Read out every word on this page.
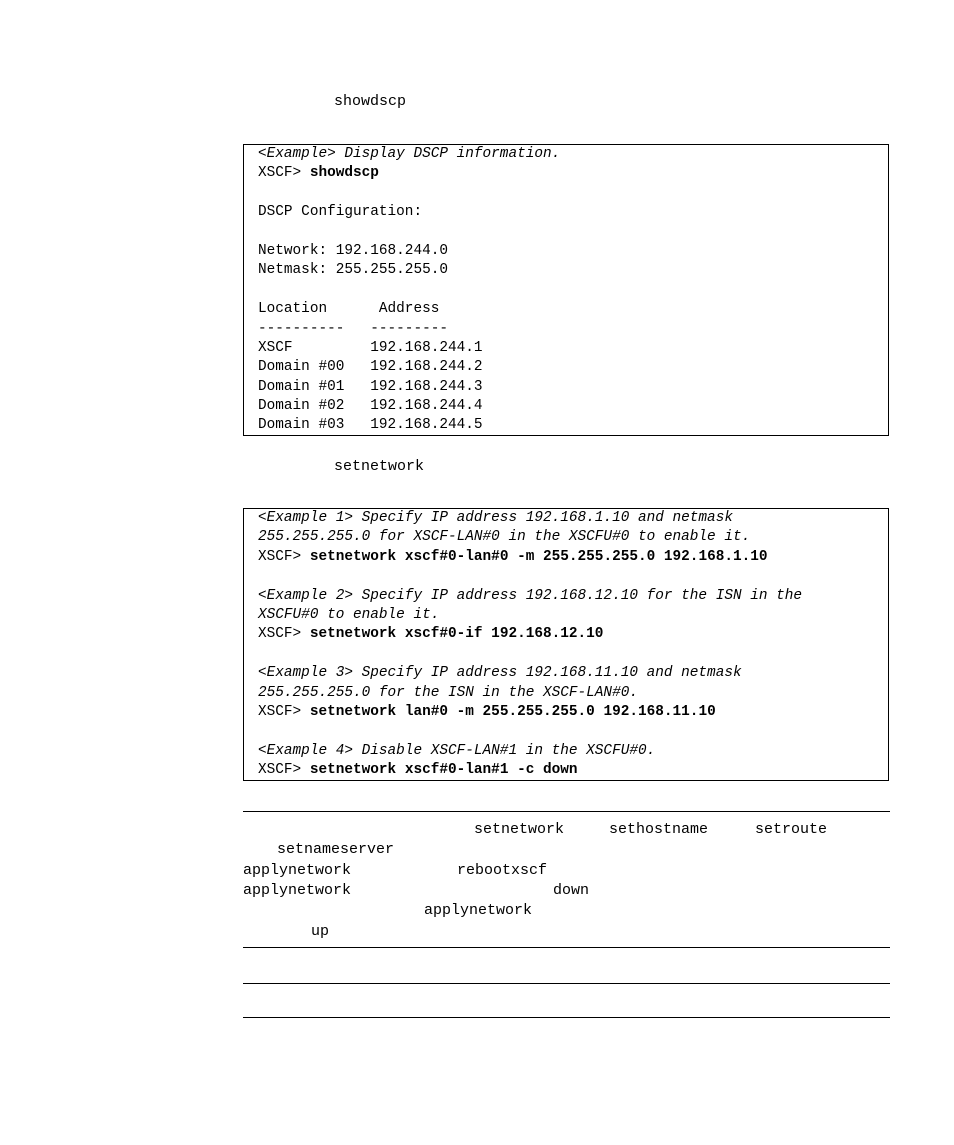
showdscp
<Example> Display DSCP information.
XSCF> showdscp
DSCP Configuration:
Network: 192.168.244.0
Netmask: 255.255.255.0
Location      Address
----------   ---------
XSCF         192.168.244.1
Domain #00   192.168.244.2
Domain #01   192.168.244.3
Domain #02   192.168.244.4
Domain #03   192.168.244.5
setnetwork
<Example 1> Specify IP address 192.168.1.10 and netmask
255.255.255.0 for XSCF-LAN#0 in the XSCFU#0 to enable it.
XSCF> setnetwork xscf#0-lan#0 -m 255.255.255.0 192.168.1.10
<Example 2> Specify IP address 192.168.12.10 for the ISN in the
XSCFU#0 to enable it.
XSCF> setnetwork xscf#0-if 192.168.12.10
<Example 3> Specify IP address 192.168.11.10 and netmask
255.255.255.0 for the ISN in the XSCF-LAN#0.
XSCF> setnetwork lan#0 -m 255.255.255.0 192.168.11.10
<Example 4> Disable XSCF-LAN#1 in the XSCFU#0.
XSCF> setnetwork xscf#0-lan#1 -c down
setnetwork	sethostname	setroute
setnameserver
applynetwork	rebootxscf
applynetwork	down
applynetwork
up
